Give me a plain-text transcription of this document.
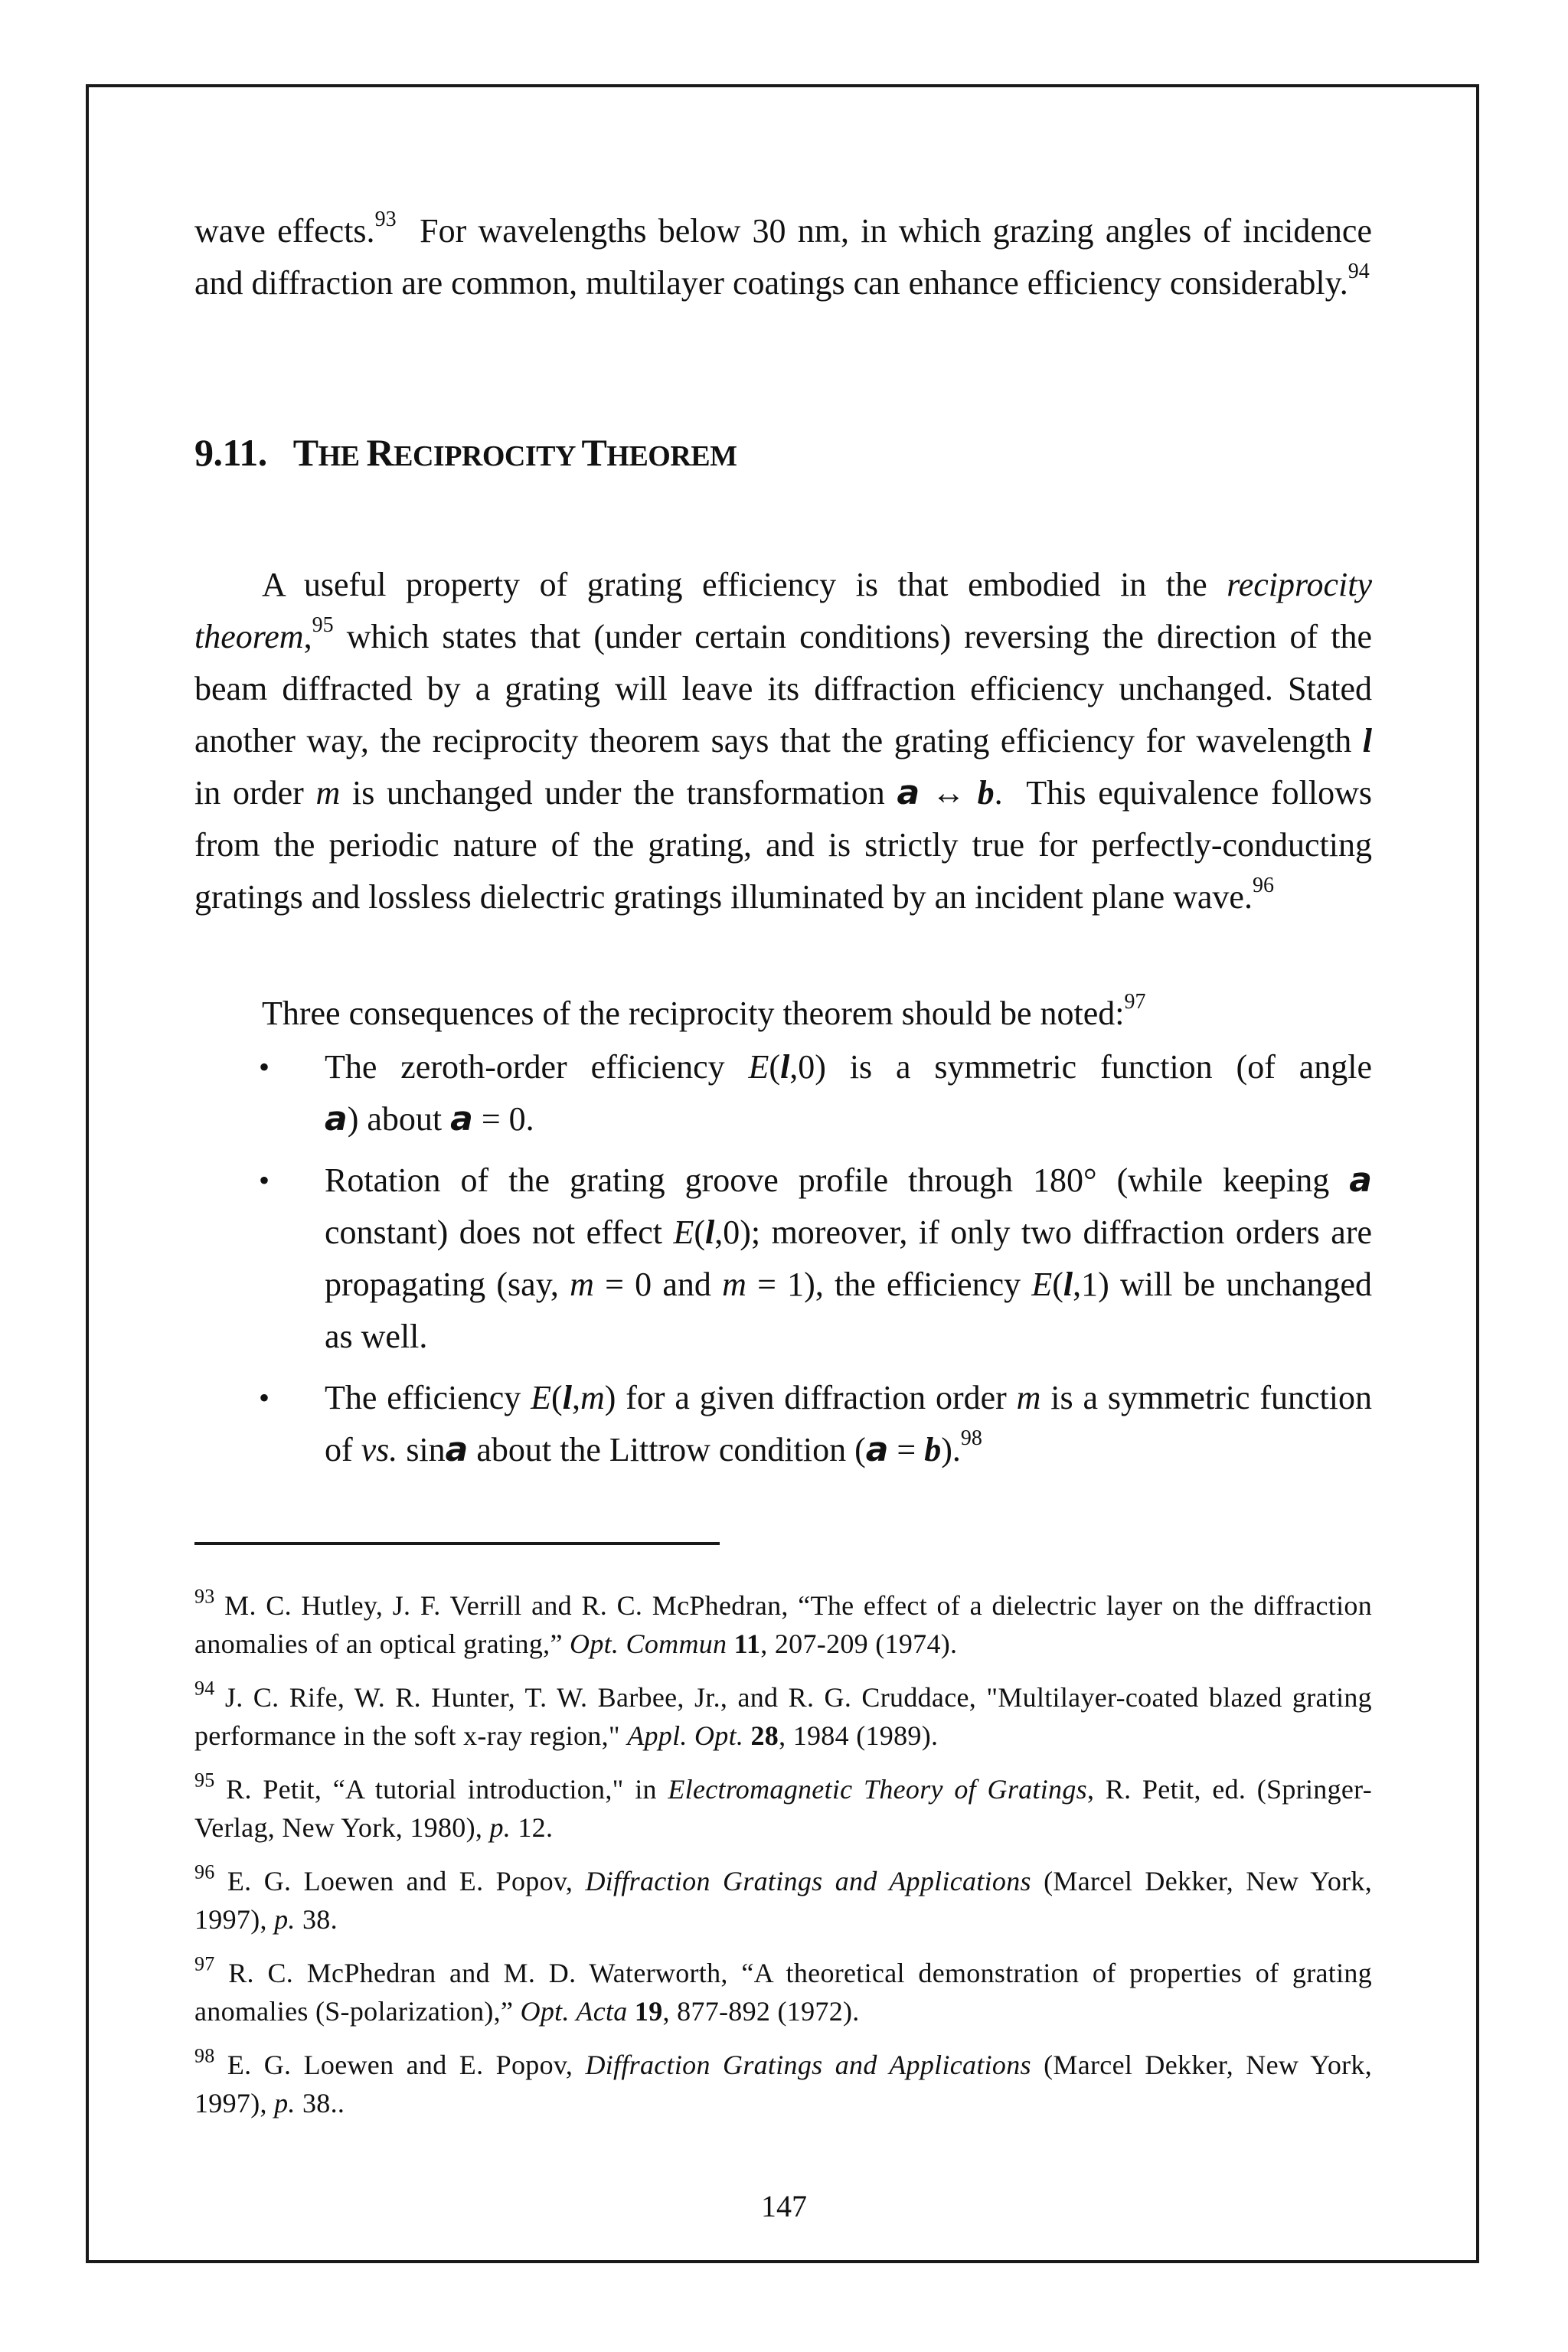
wave effects.$^{93}$  For wavelengths below 30 nm, in which grazing angles of incidence and diffraction are common, multilayer coatings can enhance efficiency considerably.$^{94}$

9.11. THE RECIPROCITY THEOREM

A useful property of grating efficiency is that embodied in the reciprocity theorem,$^{95}$ which states that (under certain conditions) reversing the direction of the beam diffracted by a grating will leave its diffraction efficiency unchanged. Stated another way, the reciprocity theorem says that the grating efficiency for wavelength l in order m is unchanged under the transformation a ↔ b.  This equivalence follows from the periodic nature of the grating, and is strictly true for perfectly-conducting gratings and lossless dielectric gratings illuminated by an incident plane wave.$^{96}$

Three consequences of the reciprocity theorem should be noted:$^{97}$

• The zeroth-order efficiency E(l,0) is a symmetric function (of angle a) about a = 0.

• Rotation of the grating groove profile through 180° (while keeping a constant) does not effect E(l,0); moreover, if only two diffraction orders are propagating (say, m = 0 and m = 1), the efficiency E(l,1) will be unchanged as well.

• The efficiency E(l,m) for a given diffraction order m is a symmetric function of vs. sina about the Littrow condition (a = b).$^{98}$

$^{93}$ M. C. Hutley, J. F. Verrill and R. C. McPhedran, “The effect of a dielectric layer on the diffraction anomalies of an optical grating,” Opt. Commun 11, 207-209 (1974).

$^{94}$ J. C. Rife, W. R. Hunter, T. W. Barbee, Jr., and R. G. Cruddace, "Multilayer-coated blazed grating performance in the soft x-ray region," Appl. Opt. 28, 1984 (1989).

$^{95}$ R. Petit, “A tutorial introduction," in Electromagnetic Theory of Gratings, R. Petit, ed. (Springer-Verlag, New York, 1980), p. 12.

$^{96}$ E. G. Loewen and E. Popov, Diffraction Gratings and Applications (Marcel Dekker, New York, 1997), p. 38.

$^{97}$ R. C. McPhedran and M. D. Waterworth, “A theoretical demonstration of properties of grating anomalies (S-polarization),” Opt. Acta 19, 877-892 (1972).

$^{98}$ E. G. Loewen and E. Popov, Diffraction Gratings and Applications (Marcel Dekker, New York, 1997), p. 38..

147
